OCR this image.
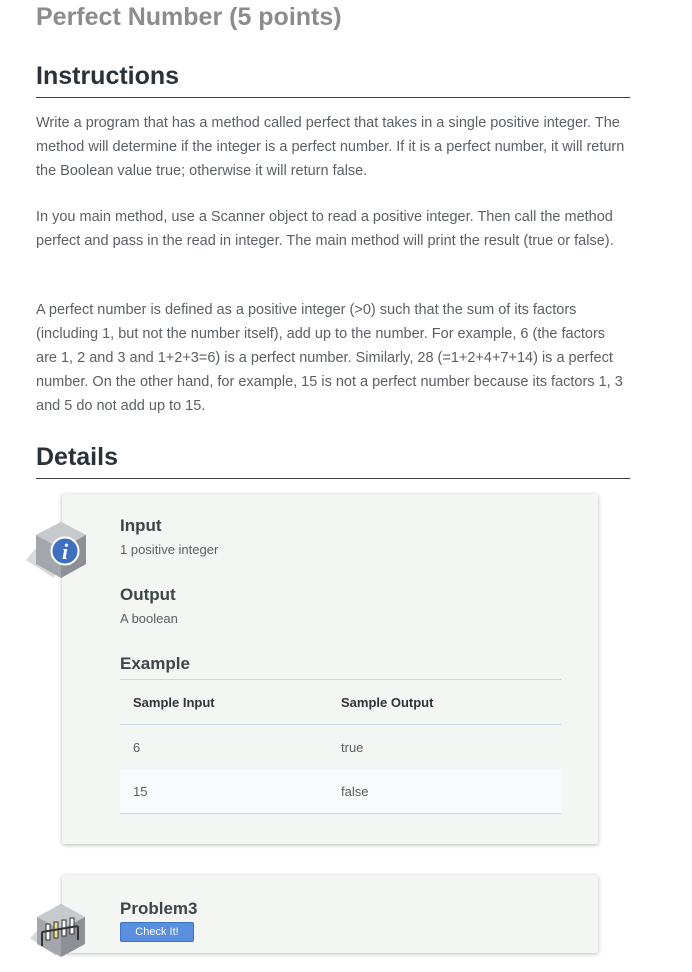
Perfect Number (5 points)
Instructions

Write a program that has a method called perfect that takes in a single positive integer. The method will determine if the integer is a perfect number. If it is a perfect number, it will return the Boolean value true; otherwise it will return false.

In you main method, use a Scanner object to read a positive integer. Then call the method perfect and pass in the read in integer. The main method will print the result (true or false).

A perfect number is defined as a positive integer (>0) such that the sum of its factors (including 1, but not the number itself), add up to the number. For example, 6 (the factors are 1, 2 and 3 and 1+2+3=6) is a perfect number. Similarly, 28 (=1+2+4+7+14) is a perfect number. On the other hand, for example, 15 is not a perfect number because its factors 1, 3 and 5 do not add up to 15.

Details
Input

1 positive integer

Output

A boolean

Example
Sample Input	Sample Output
6	true
15	false
i
Problem3
Check It!
